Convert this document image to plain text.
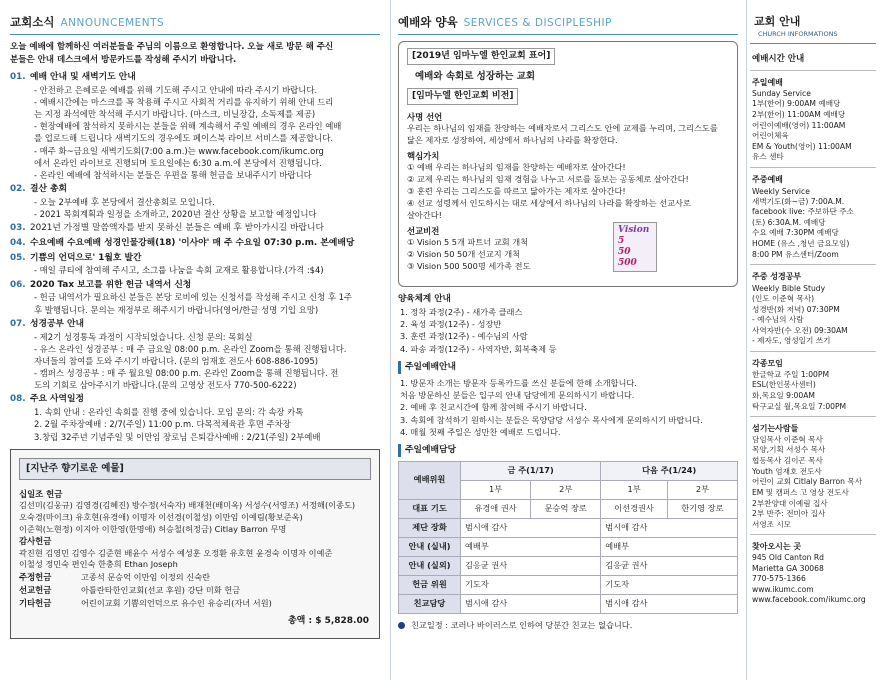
교회소식 ANNOUNCEMENTS
오늘 예배에 함께하신 여러분들을 주님의 이름으로 환영합니다. 오늘 새로 방문 해 주신
분들은 안내 데스크에서 방문카드를 작성해 주시기 바랍니다.
01. 예배 안내 및 새벽기도 안내
- 안전하고 은혜로운 예배를 위해 기도해 주시고 안내에 따라 주시기 바랍니다.
- 예배시간에는 마스크를 꼭 착용해 주시고 사회적 거리를 유지하기 위해 안내 드리
는 지정 좌석에만 착석해 주시기 바랍니다. (마스크, 비닐장갑, 소독제를 제공)
- 현장예배에 참석하지 못하시는 분들을 위해 계속해서 주일 예배의 경우 온라인 예배
를 업로드해 드립니다 새벽기도의 경우에도 페이스북 라이브 서비스를 제공합니다.
- 매주 화~금요일 새벽기도회(7:00 a.m.)는 www.facebook.com/ikumc.org
에서 온라인 라이브로 진행되며 토요일에는 6:30 a.m.에 본당에서 진행됩니다.
- 온라인 예배에 참석하시는 분들은 우편을 통해 헌금을 보내주시기 바랍니다
02. 결산 총회
- 오늘 2부예배 후 본당에서 결산총회로 모입니다.
- 2021 목회계획과 일정을 소개하고, 2020년 결산 상황을 보고할 예정입니다
03. 2021년 가정별 말씀액자를 받지 못하신 분들은 예배 후 받아가시길 바랍니다
04. 수요예배 수요예배 성경인물강해(18) '이사야' 매 주 수요일 07:30 p.m. 본예배당
05. 기쁨의 언덕으로' 1월호 발간
- 매일 큐티에 참여해 주시고, 소그룹 나눔을 속회 교재로 활용합니다.(가격 :$4)
06. 2020 Tax 보고를 위한 헌금 내역서 신청
- 헌금 내역서가 필요하신 분들은 본당 로비에 있는 신청서를 작성해 주시고 신청 후 1주
후 발행됩니다. 문의는 재정부로 해주시기 바랍니다(영어/한글 성명 기입 요망)
07. 성경공부 안내
- 제2기 성경통독 과정이 시작되었습니다. 신청 문의: 목회실
- 유스 온라인 성경공부 : 매 주 금요일 08:00 p.m. 온라인 Zoom을 통해 진행됩니다.
자녀들의 참여를 도와 주시기 바랍니다. (문의 엄재호 전도사 608-886-1095)
- 캠퍼스 성경공부 : 매 주 월요일 08:00 p.m. 온라인 Zoom을 통해 진행됩니다. 전
도의 기회로 삼아주시기 바랍니다.(문의 고영상 전도사 770-500-6222)
08. 주요 사역일정
1. 속회 안내 : 온라인 속회를 진행 중에 있습니다. 모임 문의: 각 속장 카톡
2. 2월 주차장예배 : 2/7(주일) 11:00 p.m. 다목적체육관 후면 주차장
3.창립 32주년 기념주일 및 이만임 장로님 은퇴감사예배 : 2/21(주일) 2부예배
[지난주 향기로운 예물]
십일조 헌금
김선미(김웅규) 김영경(김혜진) 방수정(서숙자) 배재천(배미옥) 서성수(서영조) 서정해(이종도)
오숙경(마이크) 유호현(유경애) 이명자 이선경(이철성) 이만임 이예림(황보준옥)
이준혁(노현정) 이지아 이한영(한명애) 허승철(허정금) Citlay Barron 무명
감사헌금
곽진현 김영민 김영수 김준현 배윤수 서성수 예성훈 오정환 유호현 윤경숙 이명자 이예준
이철성 정민숙 편인숙 한충희 Ethan Joseph
주정헌금	고종석 문승억 이만임 이정의 신숙란
선교헌금	아틀란타한인교회(선교 후원) 강단 미화 헌금
기타헌금	어린이교회 기쁨의언덕으로 유수인 유승리(자녀 서원)
총액 : $ 5,828.00
예배와 양육 SERVICES & DISCIPLESHIP
[2019년 임마누엘 한인교회 표어]
예배와 속회로 성장하는 교회
[임마누엘 한인교회 비전]
사명 선언
우리는 하나님의 임재를 찬양하는 예배자로서 그리스도 안에 교제를 누리며, 그리스도를
닮은 제자로 성장하여, 세상에서 하나님의 나라를 확장한다.
핵심가치
① 예배 우리는 하나님의 임재를 찬양하는 예배자로 살아간다!
② 교제 우리는 하나님의 임재 경험을 나누고 서로를 돌보는 공동체로 살아간다!
③ 훈련 우리는 그리스도를 따르고 닮아가는 제자로 살아간다!
④ 선교 성령께서 인도하시는 대로 세상에서 하나님의 나라를 확장하는 선교사로
살아간다!
선교비전
① Vision 5 5개 파트너 교회 개척
② Vision 50 50개 선교지 개척
③ Vision 500 500명 세가족 전도
Vision
5
50
500
양육체계 안내
1. 정착 과정(2주) - 새가족 클래스
2. 육성 과정(12주) - 성장반
3. 훈련 과정(12주) - 예수님의 사람
4. 파송 과정(12주) - 사역자반, 회복축제 등
주일예배안내
1. 방문자 소개는 방문자 등록카드를 쓰신 분들에 한해 소개합니다.
처음 방문하신 분들은 입구의 안내 담당에게 문의하시기 바랍니다.
2. 예배 후 친교시간에 함께 참여해 주시기 바랍니다.
3. 속회에 참석하기 원하시는 분들은 목양담당 서성수 목사에게 문의하시기 바랍니다.
4. 매월 첫째 주일은 성만찬 예배로 드립니다.
주일예배담당
예배위원	금 주(1/17)		다음 주(1/24)	
	1부	2부	1부	2부
대표 기도	유경애 권사	문승억 장로	이선경권사	한기영 장로
제단 장화	범시애 감사		범시애 감사	
안내 (실내)	예배부		예배부	
안내 (실외)	김응균 권사		김응균 권사	
헌금 위원	기도자		기도자	
친교담당	범시애 감사		범시애 감사	
친교일정 : 코러나 바이러스로 인하여 당분간 친교는 없습니다.
교회 안내
CHURCH INFORMATIONS
예배시간 안내
주일예배
Sunday Service
1부(한어) 9:00AM 예배당
2부(한어) 11:00AM 예배당
어린이예배(영어) 11:00AM
어린이체육
EM & Youth(영어) 11:00AM
유스 센타
주중예배
Weekly Service
새벽기도(화~금) 7:00A.M.
facebook live: 주보하단 주소
(토) 6:30A.M. 예배당
수요 예배 7:30PM 예배당
HOME (유스 ,청년 금요모임)
8:00 PM 유스센터/Zoom
주중 성경공부
Weekly Bible Study
(인도 이준혁 목사)
성경반(화 저녁) 07:30PM
- 예수님의 사람
사역자반(수 오전) 09:30AM
- 제자도, 영성일기 쓰기
각종모임
한글학교 주일 1:00PM
ESL(한인봉사센터)
화,목요일 9:00AM
탁구교실 월,목요일 7:00PM
섬기는사람들
담임목사 이준혁 목사
목양,기획 서성수 목사
협동목사 김이곤 목사
Youth 엄재호 전도사
어린이 교회 Citlaly Barron 목사
EM 및 캠퍼스 고 영상 전도사
2부찬양대 이예림 집사
2부 반주: 전미아 집사
서영조 시모
찾아오시는 곳
945 Old Canton Rd
Marietta GA 30068
770-575-1366
www.ikumc.com
www.facebook.com/ikumc.org
